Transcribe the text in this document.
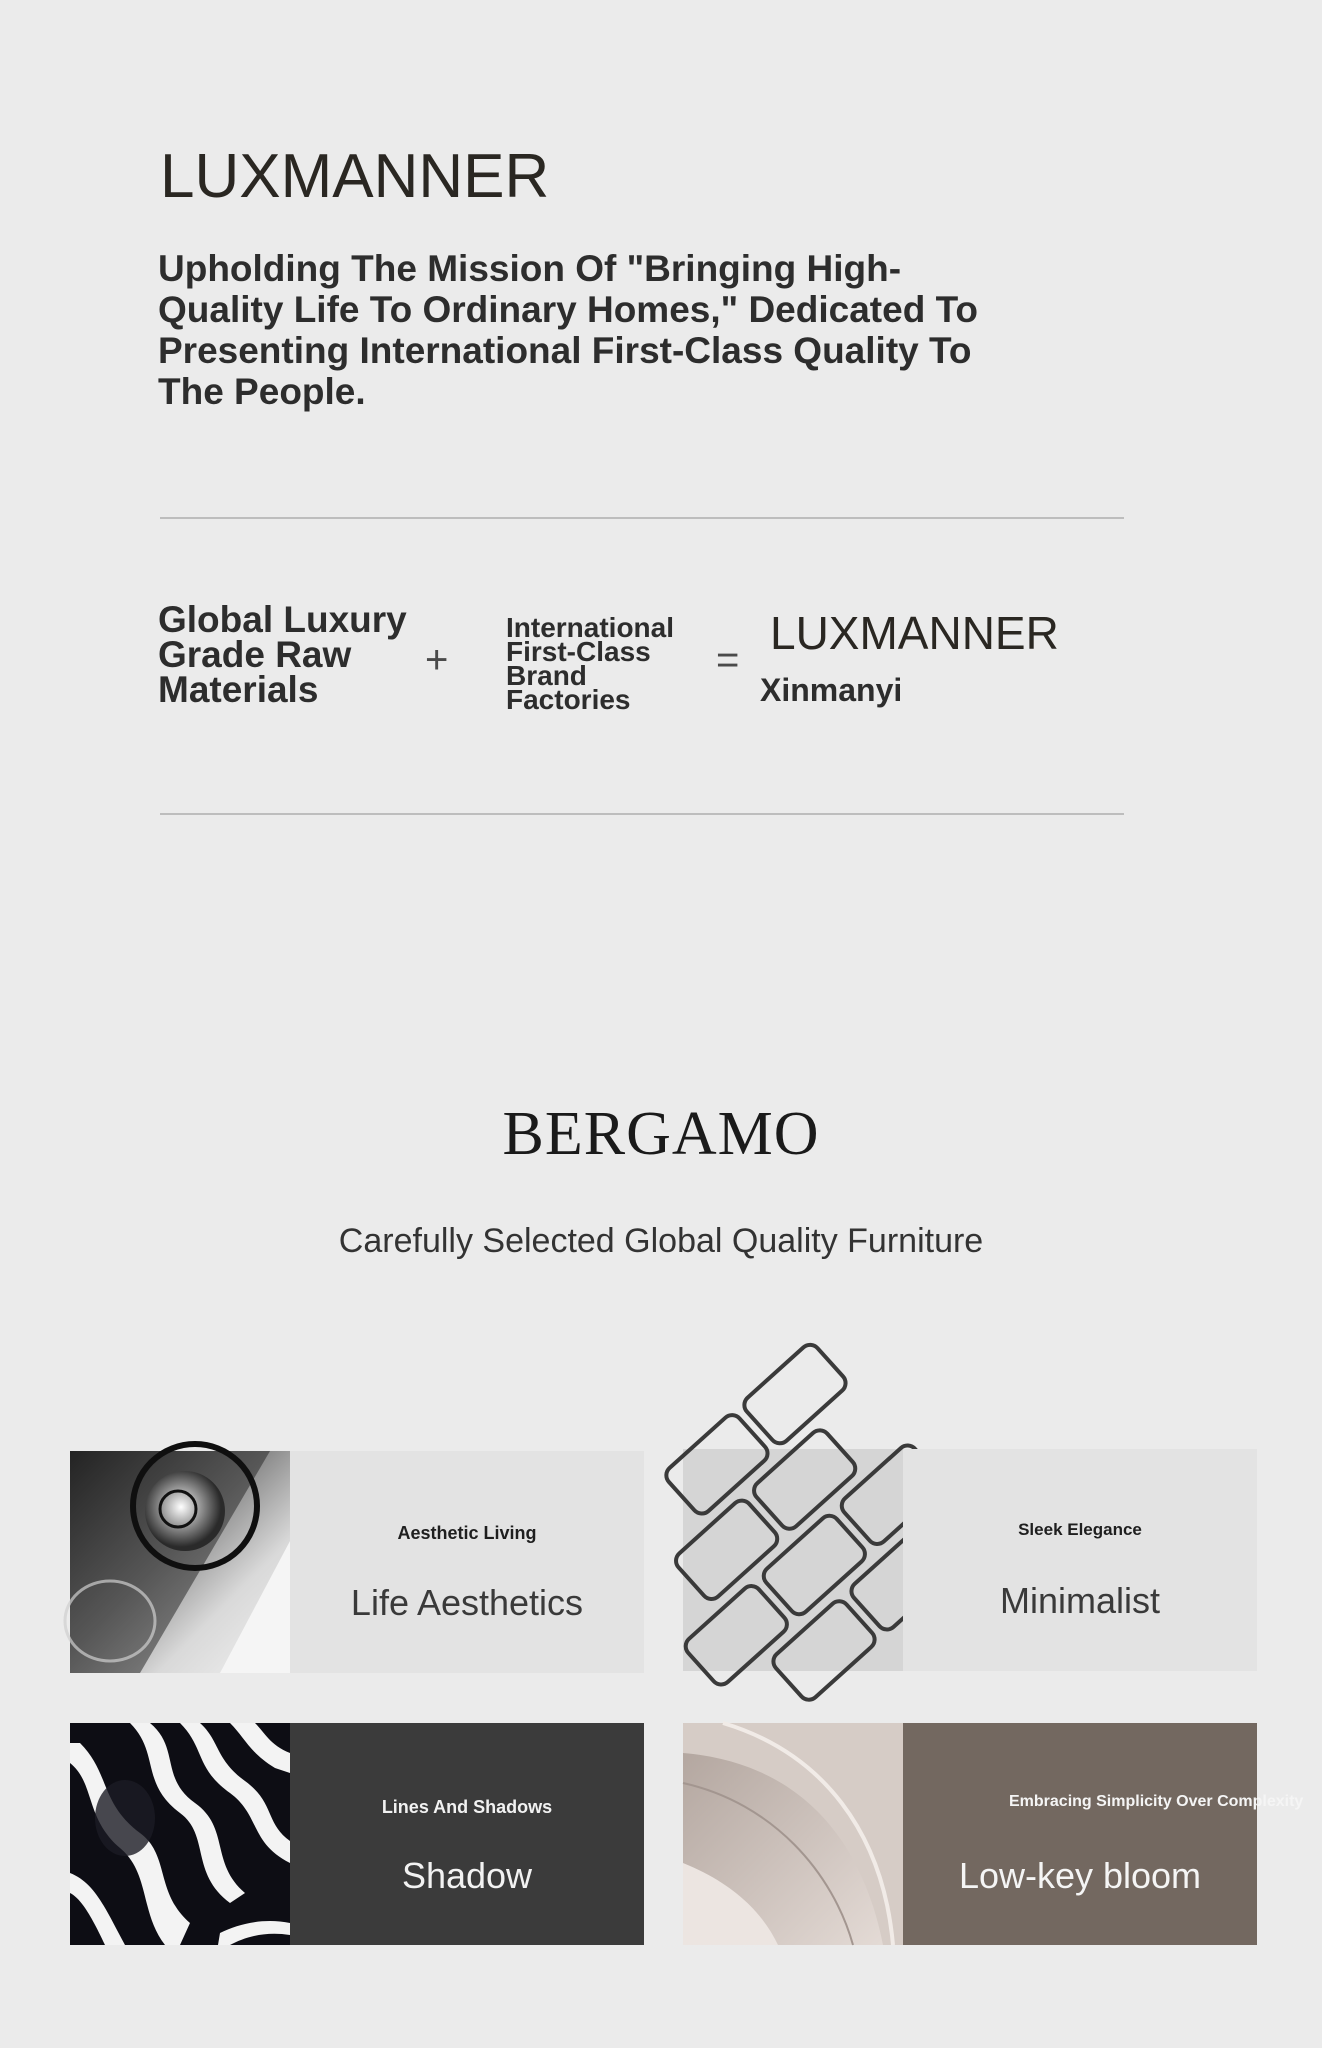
LUXMANNER
Upholding The Mission Of "Bringing High-Quality Life To Ordinary Homes," Dedicated To Presenting International First-Class Quality To The People.
Global Luxury
Grade Raw
Materials
+
International
First-Class
Brand
Factories
=
LUXMANNER
Xinmanyi
BERGAMO
Carefully Selected Global Quality Furniture
Aesthetic Living
Life Aesthetics
Sleek Elegance
Minimalist
Lines And Shadows
Shadow
Embracing Simplicity Over Complexity
Low-key bloom
